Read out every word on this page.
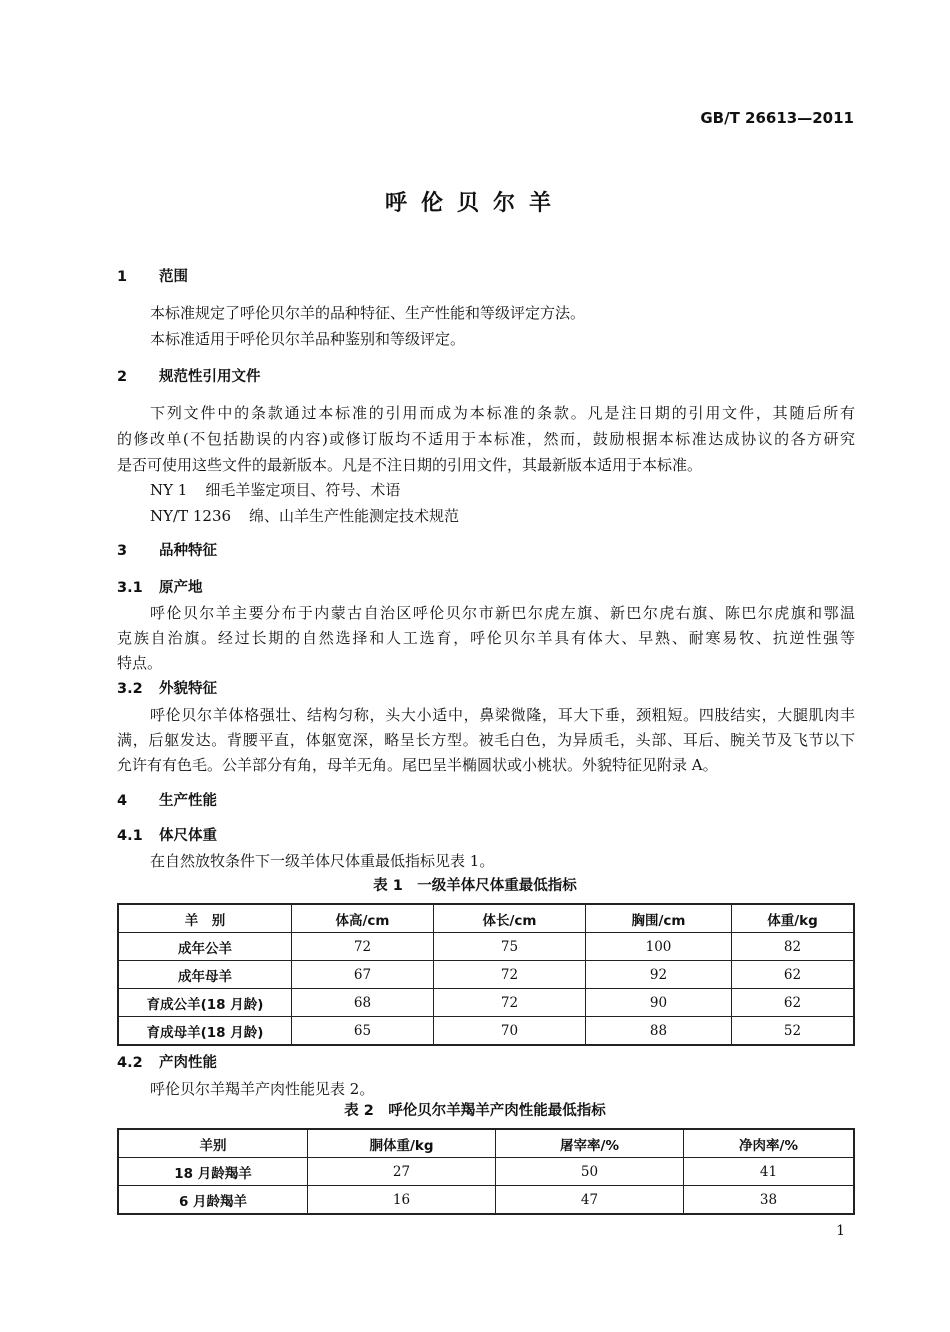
GB/T 26613—2011
呼伦贝尔羊
1 范围
本标准规定了呼伦贝尔羊的品种特征、生产性能和等级评定方法。
本标准适用于呼伦贝尔羊品种鉴别和等级评定。
2 规范性引用文件
下列文件中的条款通过本标准的引用而成为本标准的条款。凡是注日期的引用文件，其随后所有
的修改单(不包括勘误的内容)或修订版均不适用于本标准，然而，鼓励根据本标准达成协议的各方研究
是否可使用这些文件的最新版本。凡是不注日期的引用文件，其最新版本适用于本标准。
NY 1 细毛羊鉴定项目、符号、术语
NY/T 1236 绵、山羊生产性能测定技术规范
3 品种特征
3.1 原产地
呼伦贝尔羊主要分布于内蒙古自治区呼伦贝尔市新巴尔虎左旗、新巴尔虎右旗、陈巴尔虎旗和鄂温
克族自治旗。经过长期的自然选择和人工选育，呼伦贝尔羊具有体大、早熟、耐寒易牧、抗逆性强等
特点。
3.2 外貌特征
呼伦贝尔羊体格强壮、结构匀称，头大小适中，鼻梁微隆，耳大下垂，颈粗短。四肢结实，大腿肌肉丰
满，后躯发达。背腰平直，体躯宽深，略呈长方型。被毛白色，为异质毛，头部、耳后、腕关节及飞节以下
允许有有色毛。公羊部分有角，母羊无角。尾巴呈半椭圆状或小桃状。外貌特征见附录 A。
4 生产性能
4.1 体尺体重
在自然放牧条件下一级羊体尺体重最低指标见表 1。
表 1　一级羊体尺体重最低指标
羊　别	体高/cm	体长/cm	胸围/cm	体重/kg
成年公羊	72	75	100	82
成年母羊	67	72	92	62
育成公羊(18 月龄)	68	72	90	62
育成母羊(18 月龄)	65	70	88	52
4.2 产肉性能
呼伦贝尔羊羯羊产肉性能见表 2。
表 2　呼伦贝尔羊羯羊产肉性能最低指标
羊别	胴体重/kg	屠宰率/%	净肉率/%
18 月龄羯羊	27	50	41
6 月龄羯羊	16	47	38
1
